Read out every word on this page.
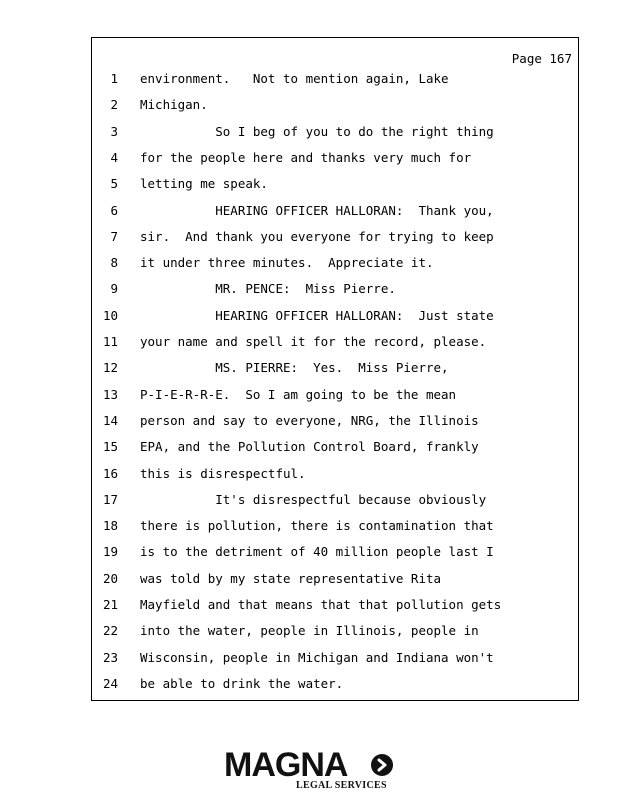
Page 167
1 environment.   Not to mention again, Lake
2 Michigan.
3 So I beg of you to do the right thing
4 for the people here and thanks very much for
5 letting me speak.
6 HEARING OFFICER HALLORAN:  Thank you,
7 sir.  And thank you everyone for trying to keep
8 it under three minutes.  Appreciate it.
9 MR. PENCE:  Miss Pierre.
10 HEARING OFFICER HALLORAN:  Just state
11 your name and spell it for the record, please.
12 MS. PIERRE:  Yes.  Miss Pierre,
13 P-I-E-R-R-E.  So I am going to be the mean
14 person and say to everyone, NRG, the Illinois
15 EPA, and the Pollution Control Board, frankly
16 this is disrespectful.
17 It's disrespectful because obviously
18 there is pollution, there is contamination that
19 is to the detriment of 40 million people last I
20 was told by my state representative Rita
21 Mayfield and that means that that pollution gets
22 into the water, people in Illinois, people in
23 Wisconsin, people in Michigan and Indiana won't
24 be able to drink the water.
MAGNA
LEGAL SERVICES
